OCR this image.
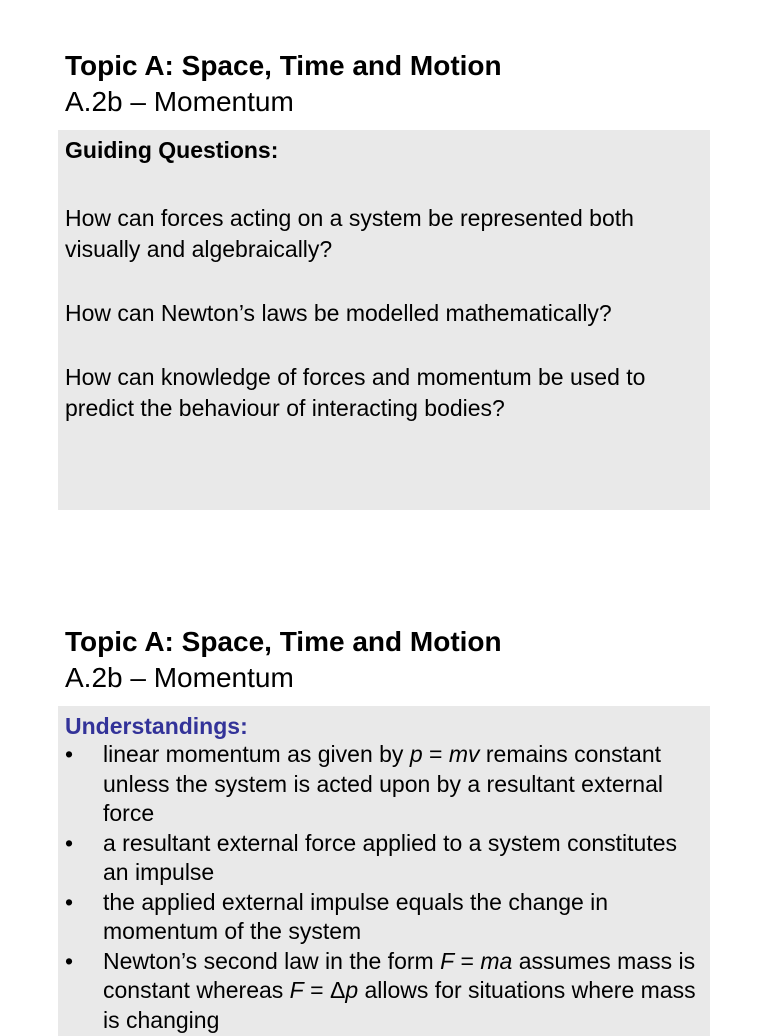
Topic A: Space, Time and Motion
A.2b – Momentum

Guiding Questions:

How can forces acting on a system be represented both visually and algebraically?
How can Newton’s laws be modelled mathematically?
How can knowledge of forces and momentum be used to predict the behaviour of interacting bodies?
Topic A: Space, Time and Motion
A.2b – Momentum

Understandings:

• linear momentum as given by p = mv remains constant unless the system is acted upon by a resultant external force
• a resultant external force applied to a system constitutes an impulse
• the applied external impulse equals the change in momentum of the system
• Newton’s second law in the form F = ma assumes mass is constant whereas F = Δp allows for situations where mass is changing
